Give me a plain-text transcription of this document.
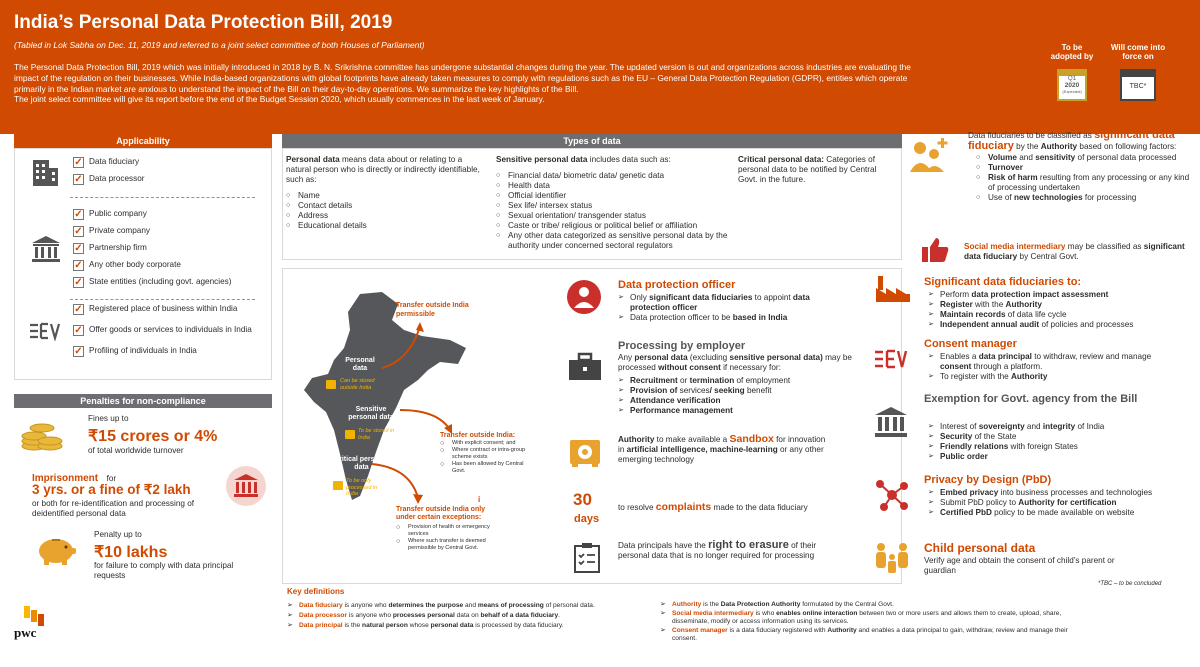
India’s Personal Data Protection Bill, 2019
(Tabled in Lok Sabha on Dec. 11, 2019 and referred to a joint select committee of both Houses of Parliament)
The Personal Data Protection Bill, 2019 which was initially introduced in 2018 by B. N. Srikrishna committee has undergone substantial changes during the year. The updated version is out and organizations across industries are evaluating the impact of the regulation on their businesses. While India-based organizations with global footprints have already taken measures to comply with regulations such as the EU – General Data Protection Regulation (GDPR), entities which operate primarily in the Indian market are anxious to understand the impact of the Bill on their day-to-day operations. We summarize the key highlights of the Bill.
The joint select committee will give its report before the end of the Budget Session 2020, which usually commences in the last week of January.
To be adopted by
Q1
2020
(Expected)
Will come into force on
TBC*
Applicability
✓ Data fiduciary
✓ Data processor
✓ Public company
✓ Private company
✓ Partnership firm
✓ Any other body corporate
✓ State entities (including govt. agencies)
✓ Registered place of business within India
✓ Offer goods or services to individuals in India
✓ Profiling of individuals in India
Penalties for non-compliance
Fines up to
₹15 crores or 4%
of total worldwide turnover
Imprisonment for
3 yrs. or a fine of ₹2 lakh
or both for re-identification and processing of deidentified personal data
Penalty up to
₹10 lakhs
for failure to comply with data principal requests
Types of data
Personal data means data about or relating to a natural person who is directly or indirectly identifiable, such as:
○ Name
○ Contact details
○ Address
○ Educational details
Sensitive personal data includes data such as:
○ Financial data/ biometric data/ genetic data
○ Health data
○ Official identifier
○ Sex life/ intersex status
○ Sexual orientation/ transgender status
○ Caste or tribe/ religious or political belief or affiliation
○ Any other data categorized as sensitive personal data by the authority under concerned sectoral regulators
Critical personal data: Categories of personal data to be notified by Central Govt. in the future.
Transfer outside India permissible
Personal data
Can be stored outside India
Sensitive personal data
To be stored in India
Critical personal data
To be only processed in India
Transfer outside India:
○ With explicit consent; and
○ Where contract or intra-group scheme exists
○ Has been allowed by Central Govt.
i
Transfer outside India only under certain exceptions:
○ Provision of health or emergency services
○ Where such transfer is deemed permissible by Central Govt.
Data protection officer
➢ Only significant data fiduciaries to appoint data protection officer
➢ Data protection officer to be based in India
Processing by employer
Any personal data (excluding sensitive personal data) may be processed without consent if necessary for:
➢ Recruitment or termination of employment
➢ Provision of services/ seeking benefit
➢ Attendance verification
➢ Performance management
Authority to make available a Sandbox for innovation in artificial intelligence, machine-learning or any other emerging technology
30
days
to resolve complaints made to the data fiduciary
Data principals have the right to erasure of their personal data that is no longer required for processing
Data fiduciaries to be classified as significant data fiduciary by the Authority based on following factors:
○ Volume and sensitivity of personal data processed
○ Turnover
○ Risk of harm resulting from any processing or any kind of processing undertaken
○ Use of new technologies for processing
Social media intermediary may be classified as significant data fiduciary by Central Govt.
Significant data fiduciaries to:
➢ Perform data protection impact assessment
➢ Register with the Authority
➢ Maintain records of data life cycle
➢ Independent annual audit of policies and processes
Consent manager
➢ Enables a data principal to withdraw, review and manage consent through a platform.
➢ To register with the Authority
Exemption for Govt. agency from the Bill
➢ Interest of sovereignty and integrity of India
➢ Security of the State
➢ Friendly relations with foreign States
➢ Public order
Privacy by Design (PbD)
➢ Embed privacy into business processes and technologies
➢ Submit PbD policy to Authority for certification
➢ Certified PbD policy to be made available on website
Child personal data
Verify age and obtain the consent of child’s parent or guardian
*TBC – to be concluded
Key definitions
➢ Data fiduciary is anyone who determines the purpose and means of processing of personal data.
➢ Data processor is anyone who processes personal data on behalf of a data fiduciary.
➢ Data principal is the natural person whose personal data is processed by data fiduciary.
➢ Authority is the Data Protection Authority formulated by the Central Govt.
➢ Social media intermediary is who enables online interaction between two or more users and allows them to create, upload, share, disseminate, modify or access information using its services.
➢ Consent manager is a data fiduciary registered with Authority and enables a data principal to gain, withdraw, review and manage their consent.
pwc
